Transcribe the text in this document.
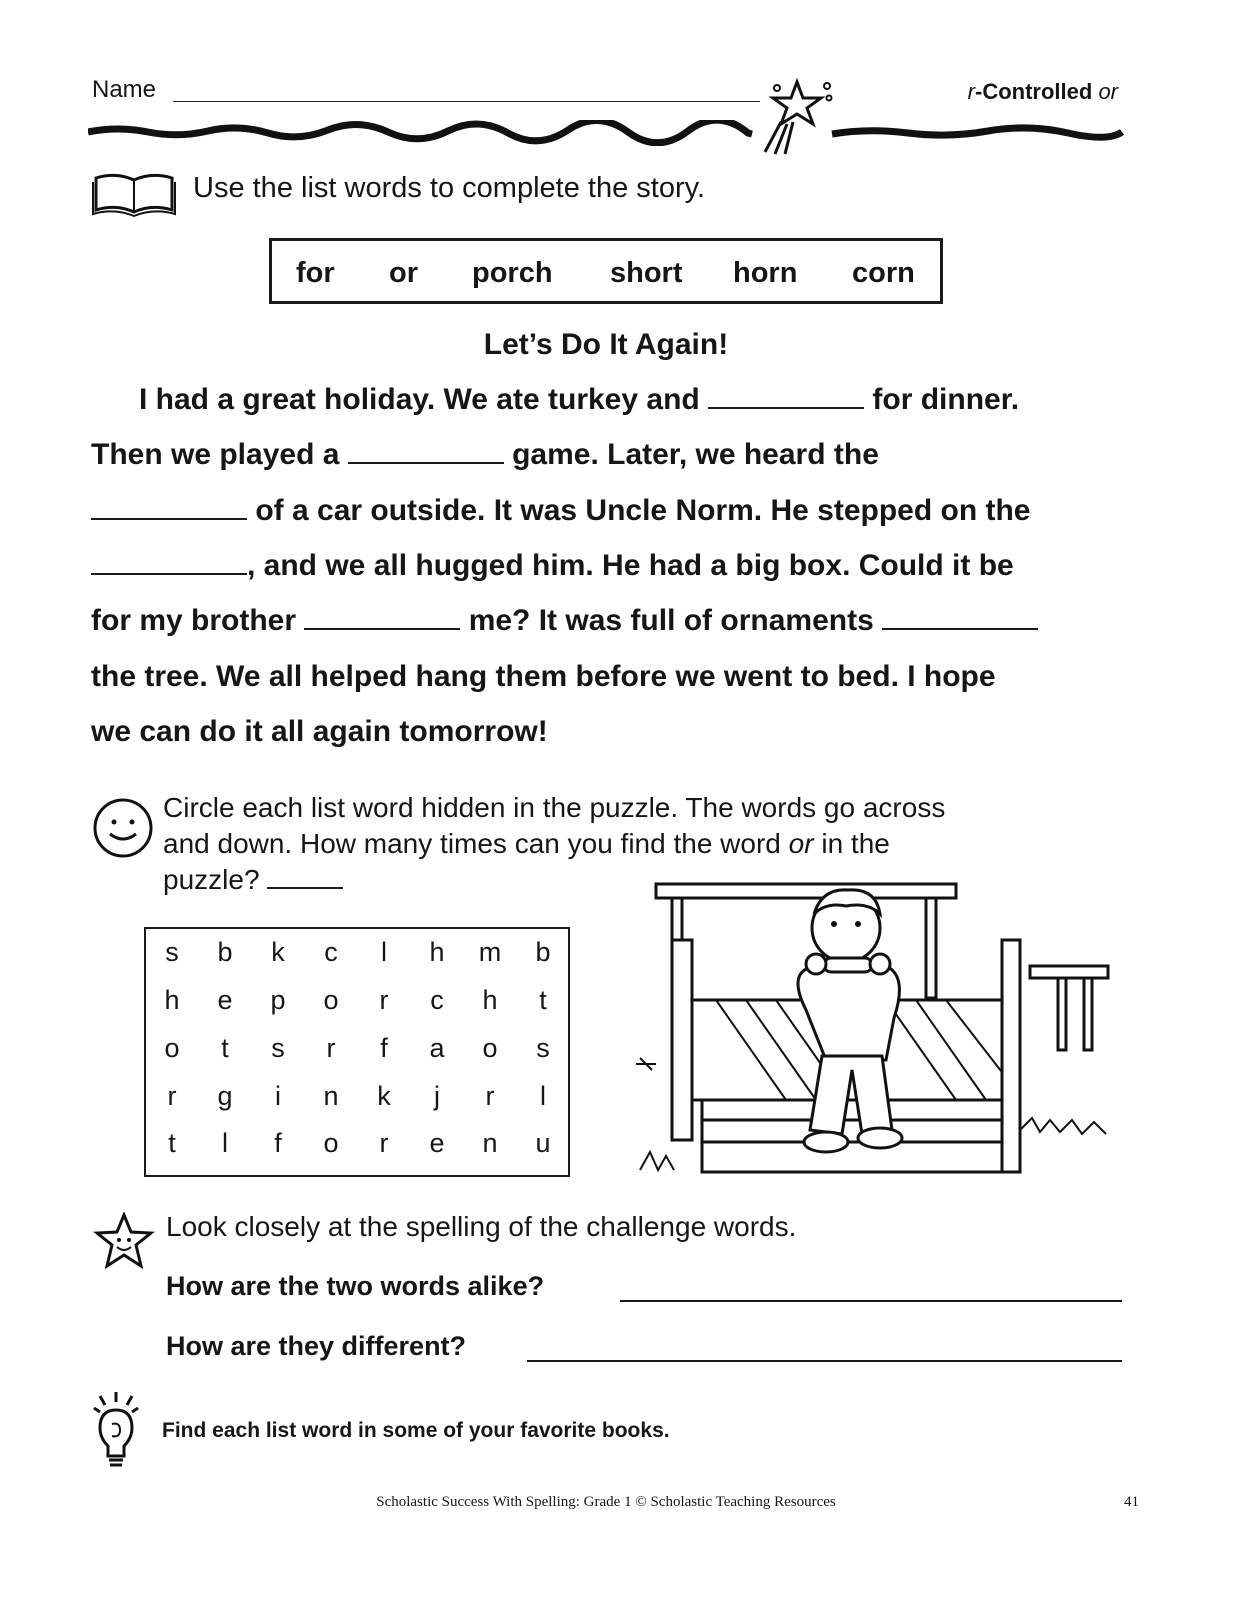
Name	r-Controlled or
Use the list words to complete the story.
for or porch short horn corn
Let’s Do It Again!
I had a great holiday. We ate turkey and	for dinner.
Then we played a	game. Later, we heard the
of a car outside. It was Uncle Norm. He stepped on the
, and we all hugged him. He had a big box. Could it be
for my brother	me? It was full of ornaments
the tree. We all helped hang them before we went to bed. I hope
we can do it all again tomorrow!
Circle each list word hidden in the puzzle. The words go across
and down. How many times can you find the word or in the
puzzle?
s	b	k	c	l	h	m	b
h	e	p	o	r	c	h	t
o	t	s	r	f	a	o	s
r	g	i	n	k	j	r	l
t	l	f	o	r	e	n	u
Look closely at the spelling of the challenge words.
How are the two words alike?
How are they different?
Find each list word in some of your favorite books.
Scholastic Success With Spelling: Grade 1 © Scholastic Teaching Resources	41
